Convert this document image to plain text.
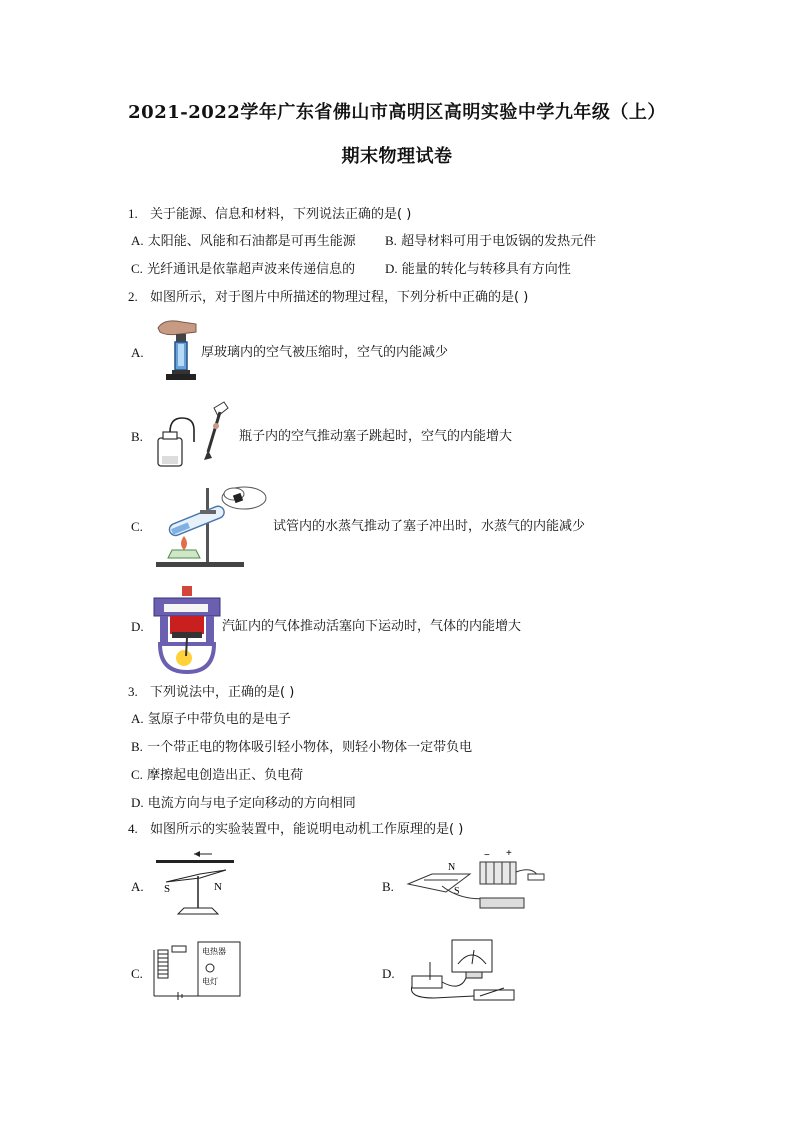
2021-2022学年广东省佛山市高明区高明实验中学九年级（上）
期末物理试卷
1. 关于能源、信息和材料，下列说法正确的是( )
A. 太阳能、风能和石油都是可再生能源 B. 超导材料可用于电饭锅的发热元件
C. 光纤通讯是依靠超声波来传递信息的 D. 能量的转化与转移具有方向性
2. 如图所示，对于图片中所描述的物理过程，下列分析中正确的是( )
A.	厚玻璃内的空气被压缩时，空气的内能减少
B.	瓶子内的空气推动塞子跳起时，空气的内能增大
C.	试管内的水蒸气推动了塞子冲出时，水蒸气的内能减少
D.	汽缸内的气体推动活塞向下运动时，气体的内能增大
3. 下列说法中，正确的是( )
A. 氢原子中带负电的是电子
B. 一个带正电的物体吸引轻小物体，则轻小物体一定带负电
C. 摩擦起电创造出正、负电荷
D. 电流方向与电子定向移动的方向相同
4. 如图所示的实验装置中，能说明电动机工作原理的是( )
A. S	N	B.
N
S
− +
C.
电热器
电灯
D.
